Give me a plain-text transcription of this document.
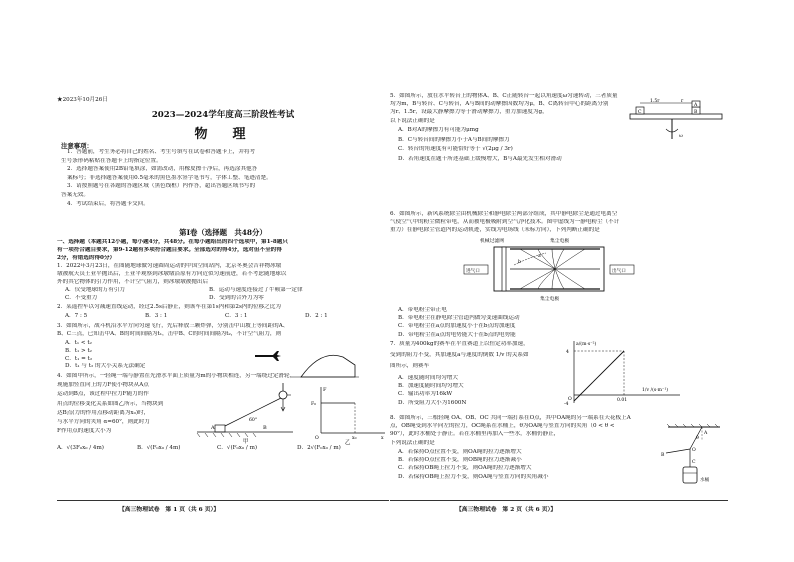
★2023年10月26日
2023—2024学年度高三阶段性考试
物　理
注意事项：
1．答题前，考生务必将自己的姓名、考生号填写在试卷和答题卡上，并将考
生号条形码粘贴在答题卡上的指定位置。
2．选择题答案使用2B铅笔填涂，如需改动，用橡皮擦干净后，再选涂其他答
案标号；非选择题答案使用0.5毫米的黑色墨水签字笔书写，字体工整、笔迹清楚。
3．请按照题号在各题的答题区域（黑色线框）内作答，超出答题区域书写的
答案无效。
4．考试结束后，将答题卡交回。
第Ⅰ卷（选择题　共48分）
一、选择题（本题共12小题，每小题4分，共48分。在每小题给出的四个选项中，第1-8题只
有一项符合题目要求，第9-12题有多项符合题目要求。全部选对的得4分，选对但不全的得
2分，有错选的得0分）
1．2022年3月23日，在图随地球做匀速圆周运动的中国空间站内，北京冬奥会吉祥物冰墩
墩被航天员王亚平抛出后，王亚平观察到冰墩墩沿原有方向近似匀速前进，若不考虑随地球以
外的其它物体的引力作用，不计空气阻力，则冰墩墩被抛出后
A．仅受地球的万有引力	B．运动与速度连接过了牛顿第一定律
C．不受重力	D．受到的合外力为零
2．某遥控车以匀减速直线运动，经过2.5s后静止，则该车在第1s内和第2s内的位移之比为
A．7 : 5	B．3 : 1	C．3 : 1	D．2 : 1
3．如图所示，战斗机沿水平方向匀速飞行，先后释放三颗炸弹，分别击中山坡上等间距的A、
B、C三点，已知击中A、B的时间间隔为t₁，击中B、C的时间间隔为t₂，不计空气阻力，则
A．t₁ < t₂
B．t₁ > t₂
C．t₁ = t₂
D．t₁ 与 t₂ 的大小关系无法确定
4．如图甲所示，一轻绳一端与静置在光滑水平面上质量为m的小物块相连，另一端绕过定滑轮，
现施加竖直向上的力F使小物块从A点
运动到B点，该过程中拉力F随力的作
用点的位移变化关系如图乙所示，当物块到
达B点(力的作用点移动距离为x₀)时，
与水平方向的夹角 α=60°，则此时力
F作用点的速度大小为
A	B
60°
甲
F
F₀
O	x₀	x
乙
A．√(3F₀x₀ / 4m)	B．√(F₀x₀ / 4m)	C．√(F₀x₀ / m)	D．2√(F₀x₀ / m)
【高三物理试卷　第 1 页（共 6 页）】
5．如图所示，放在水平转台上的物体A、B、C正随转台一起以角速度ω匀速转动，三者质量
均为m，B与转台、C与转台，A与B间的动摩擦因数均为μ，B、C离转台中心的距离分别
为r、1.5r，设最大静摩擦力等于滑动摩擦力，重力加速度为g，
以下说法正确的是
1.5r	r
C
A
B
ω
A．B对A的摩擦力有可能为μmg
B．C与转台间的摩擦力小于A与B间的摩擦力
C．转台的角速度有可能恰好等于 √(2μg / 3r)
D．若角速度在题干所述基础上缓慢增大，B与A最先发生相对滑动
6．如图所示，新风系统除尘由机械除尘和静电除尘两部分组成，其中静电除尘是通过电离空
气使空气中的粉尘微粒带电，从而被电极吸附到空气净化技术。图中虚线为一静电粉尘（不计
重力）在静电除尘管道内的运动轨迹，实线为电场线（未标方向），下列判断正确的是
机械过滤网	集尘电极
b
a
进气口	出气口
集尘电极
A．带电粉尘带正电
B．带电粉尘在静电除尘管道内做匀变速曲线运动
C．带电粉尘在a点的加速度小于在b点的加速度
D．带电粉尘在a点的电势能大于在b点的电势能
7．质量为400kg的赛车在平直赛道上以恒定功率加速，
受到的阻力不变，其加速度a与速度的倒数 1/v 的关系如
图所示，则赛车
a/(m·s⁻²)
4
O	0.01
1/v /(s·m⁻¹)
-4
A．速度随时间均匀增大
B．加速度随时间均匀增大
C．输出功率为16kW
D．所受阻力大小为1600N
8．如图所示，三根轻绳 OA、OB、OC 共同一端打系在O点，其中OA绳的另一端系在天花板上A
点，OB绳受到水平向左的拉力，OC绳系在水桶上，θ为OA绳与竖直方向的夹角（0 < θ <
90°），此时水桶处于静止。若在水桶里再加入一些水，水桶仍静止，
下列说法正确的是
A
θ
O
B
C
水桶
A．若保持O点位置不变，则OA绳的拉力逐渐增大
B．若保持O点位置不变，则OB绳的拉力逐渐减小
C．若保持OB绳上拉力不变，则OA绳的拉力逐渐增大
D．若保持OB绳上拉力不变，则OA绳与竖直方向的夹角减小
【高三物理试卷　第 2 页（共 6 页）】
